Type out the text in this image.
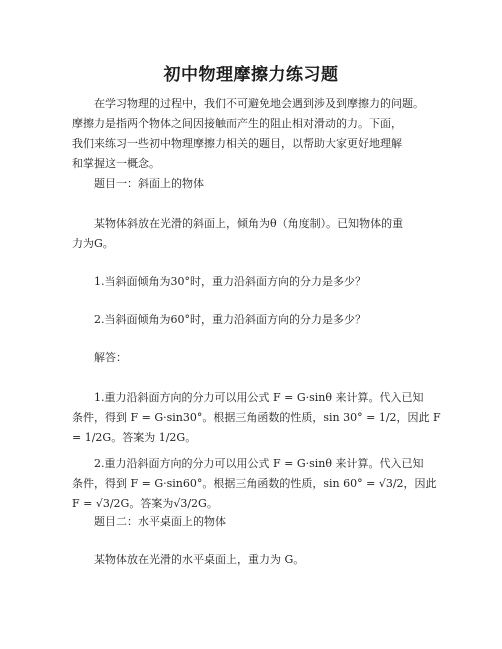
初中物理摩擦力练习题
　　在学习物理的过程中，我们不可避免地会遇到涉及到摩擦力的问题。
摩擦力是指两个物体之间因接触而产生的阻止相对滑动的力。下面，
我们来练习一些初中物理摩擦力相关的题目，以帮助大家更好地理解
和掌握这一概念。
　　题目一：斜面上的物体
　　某物体斜放在光滑的斜面上，倾角为θ（角度制）。已知物体的重
力为G。
　　1.当斜面倾角为30°时，重力沿斜面方向的分力是多少？
　　2.当斜面倾角为60°时，重力沿斜面方向的分力是多少？
　　解答：
　　1.重力沿斜面方向的分力可以用公式 F = G·sinθ 来计算。代入已知
条件，得到 F = G·sin30°。根据三角函数的性质，sin 30° = 1/2，因此 F
= 1/2G。答案为 1/2G。
　　2.重力沿斜面方向的分力可以用公式 F = G·sinθ 来计算。代入已知
条件，得到 F = G·sin60°。根据三角函数的性质，sin 60° = √3/2，因此
F = √3/2G。答案为√3/2G。
　　题目二：水平桌面上的物体
　　某物体放在光滑的水平桌面上，重力为 G。
